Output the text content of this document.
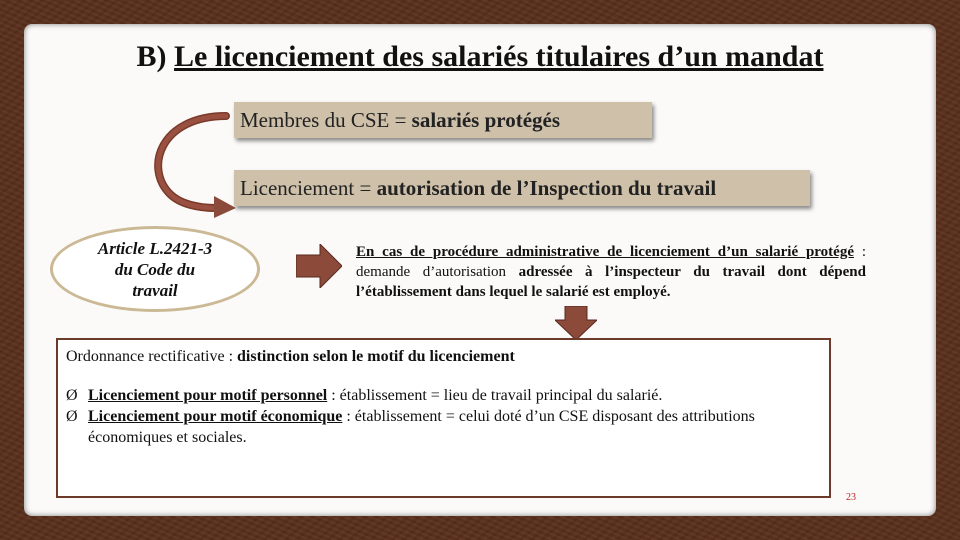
B) Le licenciement des salariés titulaires d’un mandat
Membres du CSE =
salariés protégés
Licenciement =
autorisation de l’Inspection du travail
Article L.2421-3
du Code du
travail
En cas de procédure administrative de licenciement d’un salarié protégé : demande d’autorisation adressée à l’inspecteur du travail dont dépend l’établissement dans lequel le salarié est employé.
Ordonnance rectificative : distinction selon le motif du licenciement
Ø Licenciement pour motif personnel : établissement = lieu de travail principal du salarié.
Ø Licenciement pour motif économique : établissement = celui doté d’un CSE disposant des attributions économiques et sociales.
23
